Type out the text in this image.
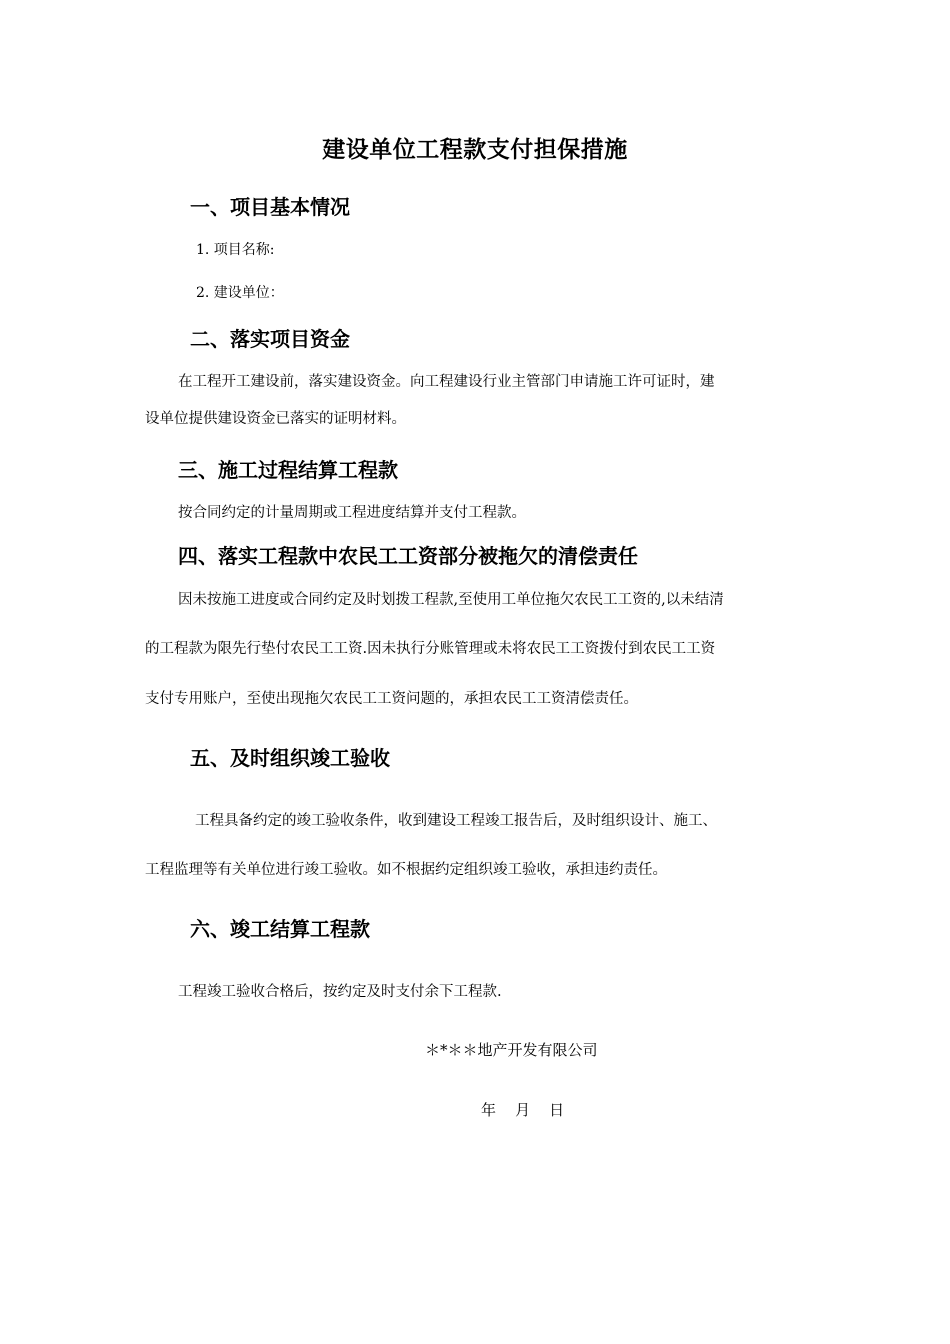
建设单位工程款支付担保措施
一、项目基本情况
1. 项目名称:
2. 建设单位：
二、落实项目资金
在工程开工建设前，落实建设资金。向工程建设行业主管部门申请施工许可证时，建
设单位提供建设资金已落实的证明材料。
三、施工过程结算工程款
按合同约定的计量周期或工程进度结算并支付工程款。
四、落实工程款中农民工工资部分被拖欠的清偿责任
因未按施工进度或合同约定及时划拨工程款,至使用工单位拖欠农民工工资的,以未结清
的工程款为限先行垫付农民工工资.因未执行分账管理或未将农民工工资拨付到农民工工资
支付专用账户，至使出现拖欠农民工工资问题的，承担农民工工资清偿责任。
五、及时组织竣工验收
工程具备约定的竣工验收条件，收到建设工程竣工报告后，及时组织设计、施工、
工程监理等有关单位进行竣工验收。如不根据约定组织竣工验收，承担违约责任。
六、竣工结算工程款
工程竣工验收合格后，按约定及时支付余下工程款.
＊*＊＊地产开发有限公司
年    月    日
